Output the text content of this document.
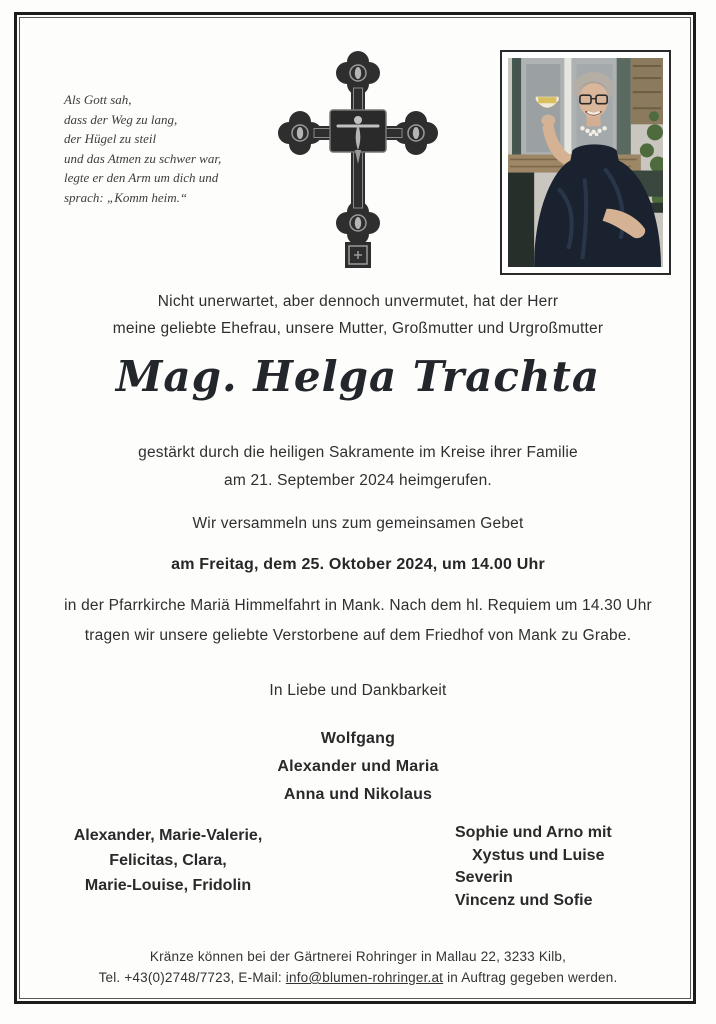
Als Gott sah,
dass der Weg zu lang,
der Hügel zu steil
und das Atmen zu schwer war,
legte er den Arm um dich und
sprach: „Komm heim.“
Nicht unerwartet, aber dennoch unvermutet, hat der Herr
meine geliebte Ehefrau, unsere Mutter, Großmutter und Urgroßmutter
Mag. Helga Trachta
gestärkt durch die heiligen Sakramente im Kreise ihrer Familie
am 21. September 2024 heimgerufen.
Wir versammeln uns zum gemeinsamen Gebet
am Freitag, dem 25. Oktober 2024, um 14.00 Uhr
in der Pfarrkirche Mariä Himmelfahrt in Mank. Nach dem hl. Requiem um 14.30 Uhr
tragen wir unsere geliebte Verstorbene auf dem Friedhof von Mank zu Grabe.
In Liebe und Dankbarkeit
Wolfgang
Alexander und Maria
Anna und Nikolaus
Alexander, Marie-Valerie,
Felicitas, Clara,
Marie-Louise, Fridolin
Sophie und Arno mit
Xystus und Luise
Severin
Vincenz und Sofie
Kränze können bei der Gärtnerei Rohringer in Mallau 22, 3233 Kilb,
Tel. +43(0)2748/7723, E-Mail: info@blumen-rohringer.at in Auftrag gegeben werden.
